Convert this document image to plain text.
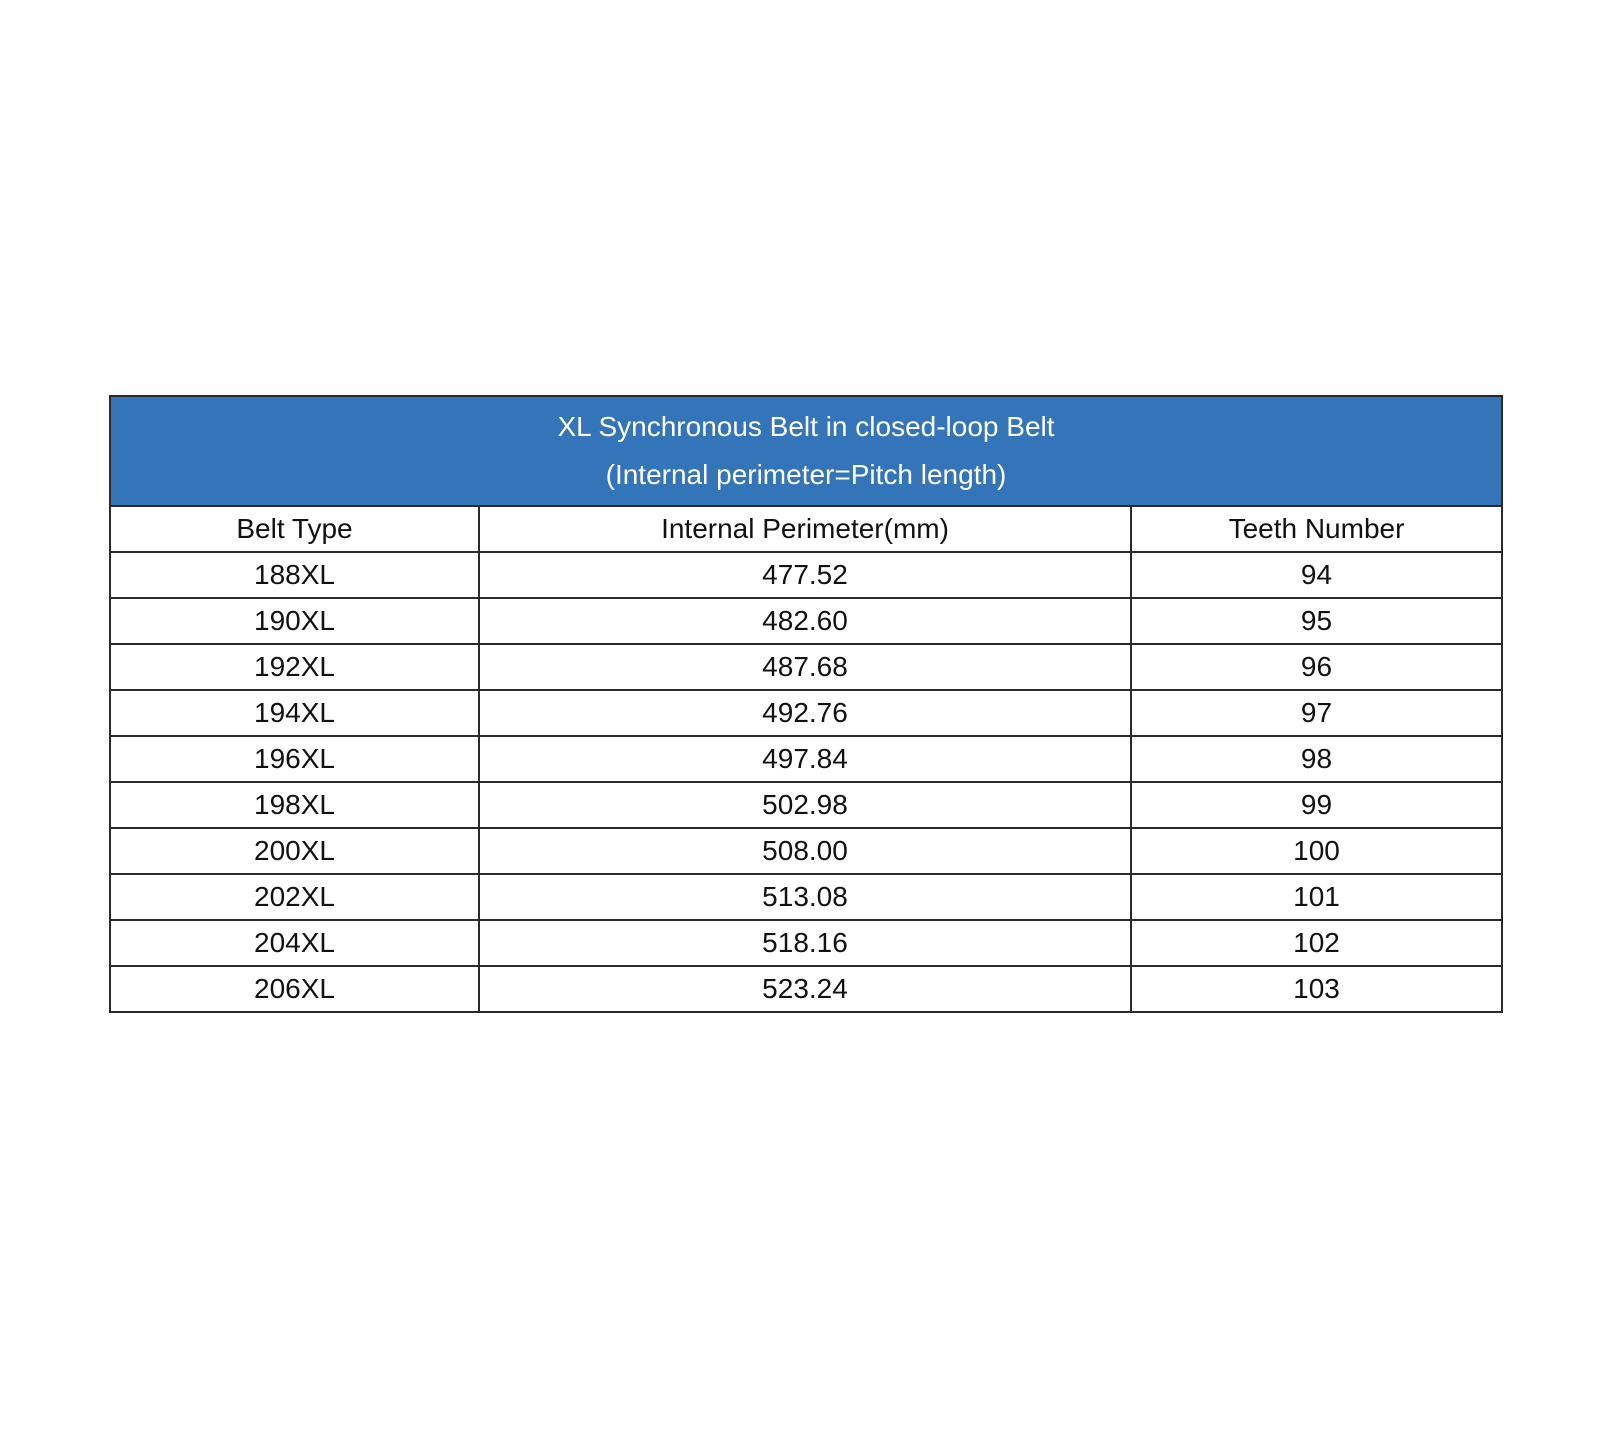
XL Synchronous Belt in closed-loop Belt
(Internal perimeter=Pitch length)		

Belt Type	Internal Perimeter(mm)	Teeth Number
188XL	477.52	94
190XL	482.60	95
192XL	487.68	96
194XL	492.76	97
196XL	497.84	98
198XL	502.98	99
200XL	508.00	100
202XL	513.08	101
204XL	518.16	102
206XL	523.24	103
